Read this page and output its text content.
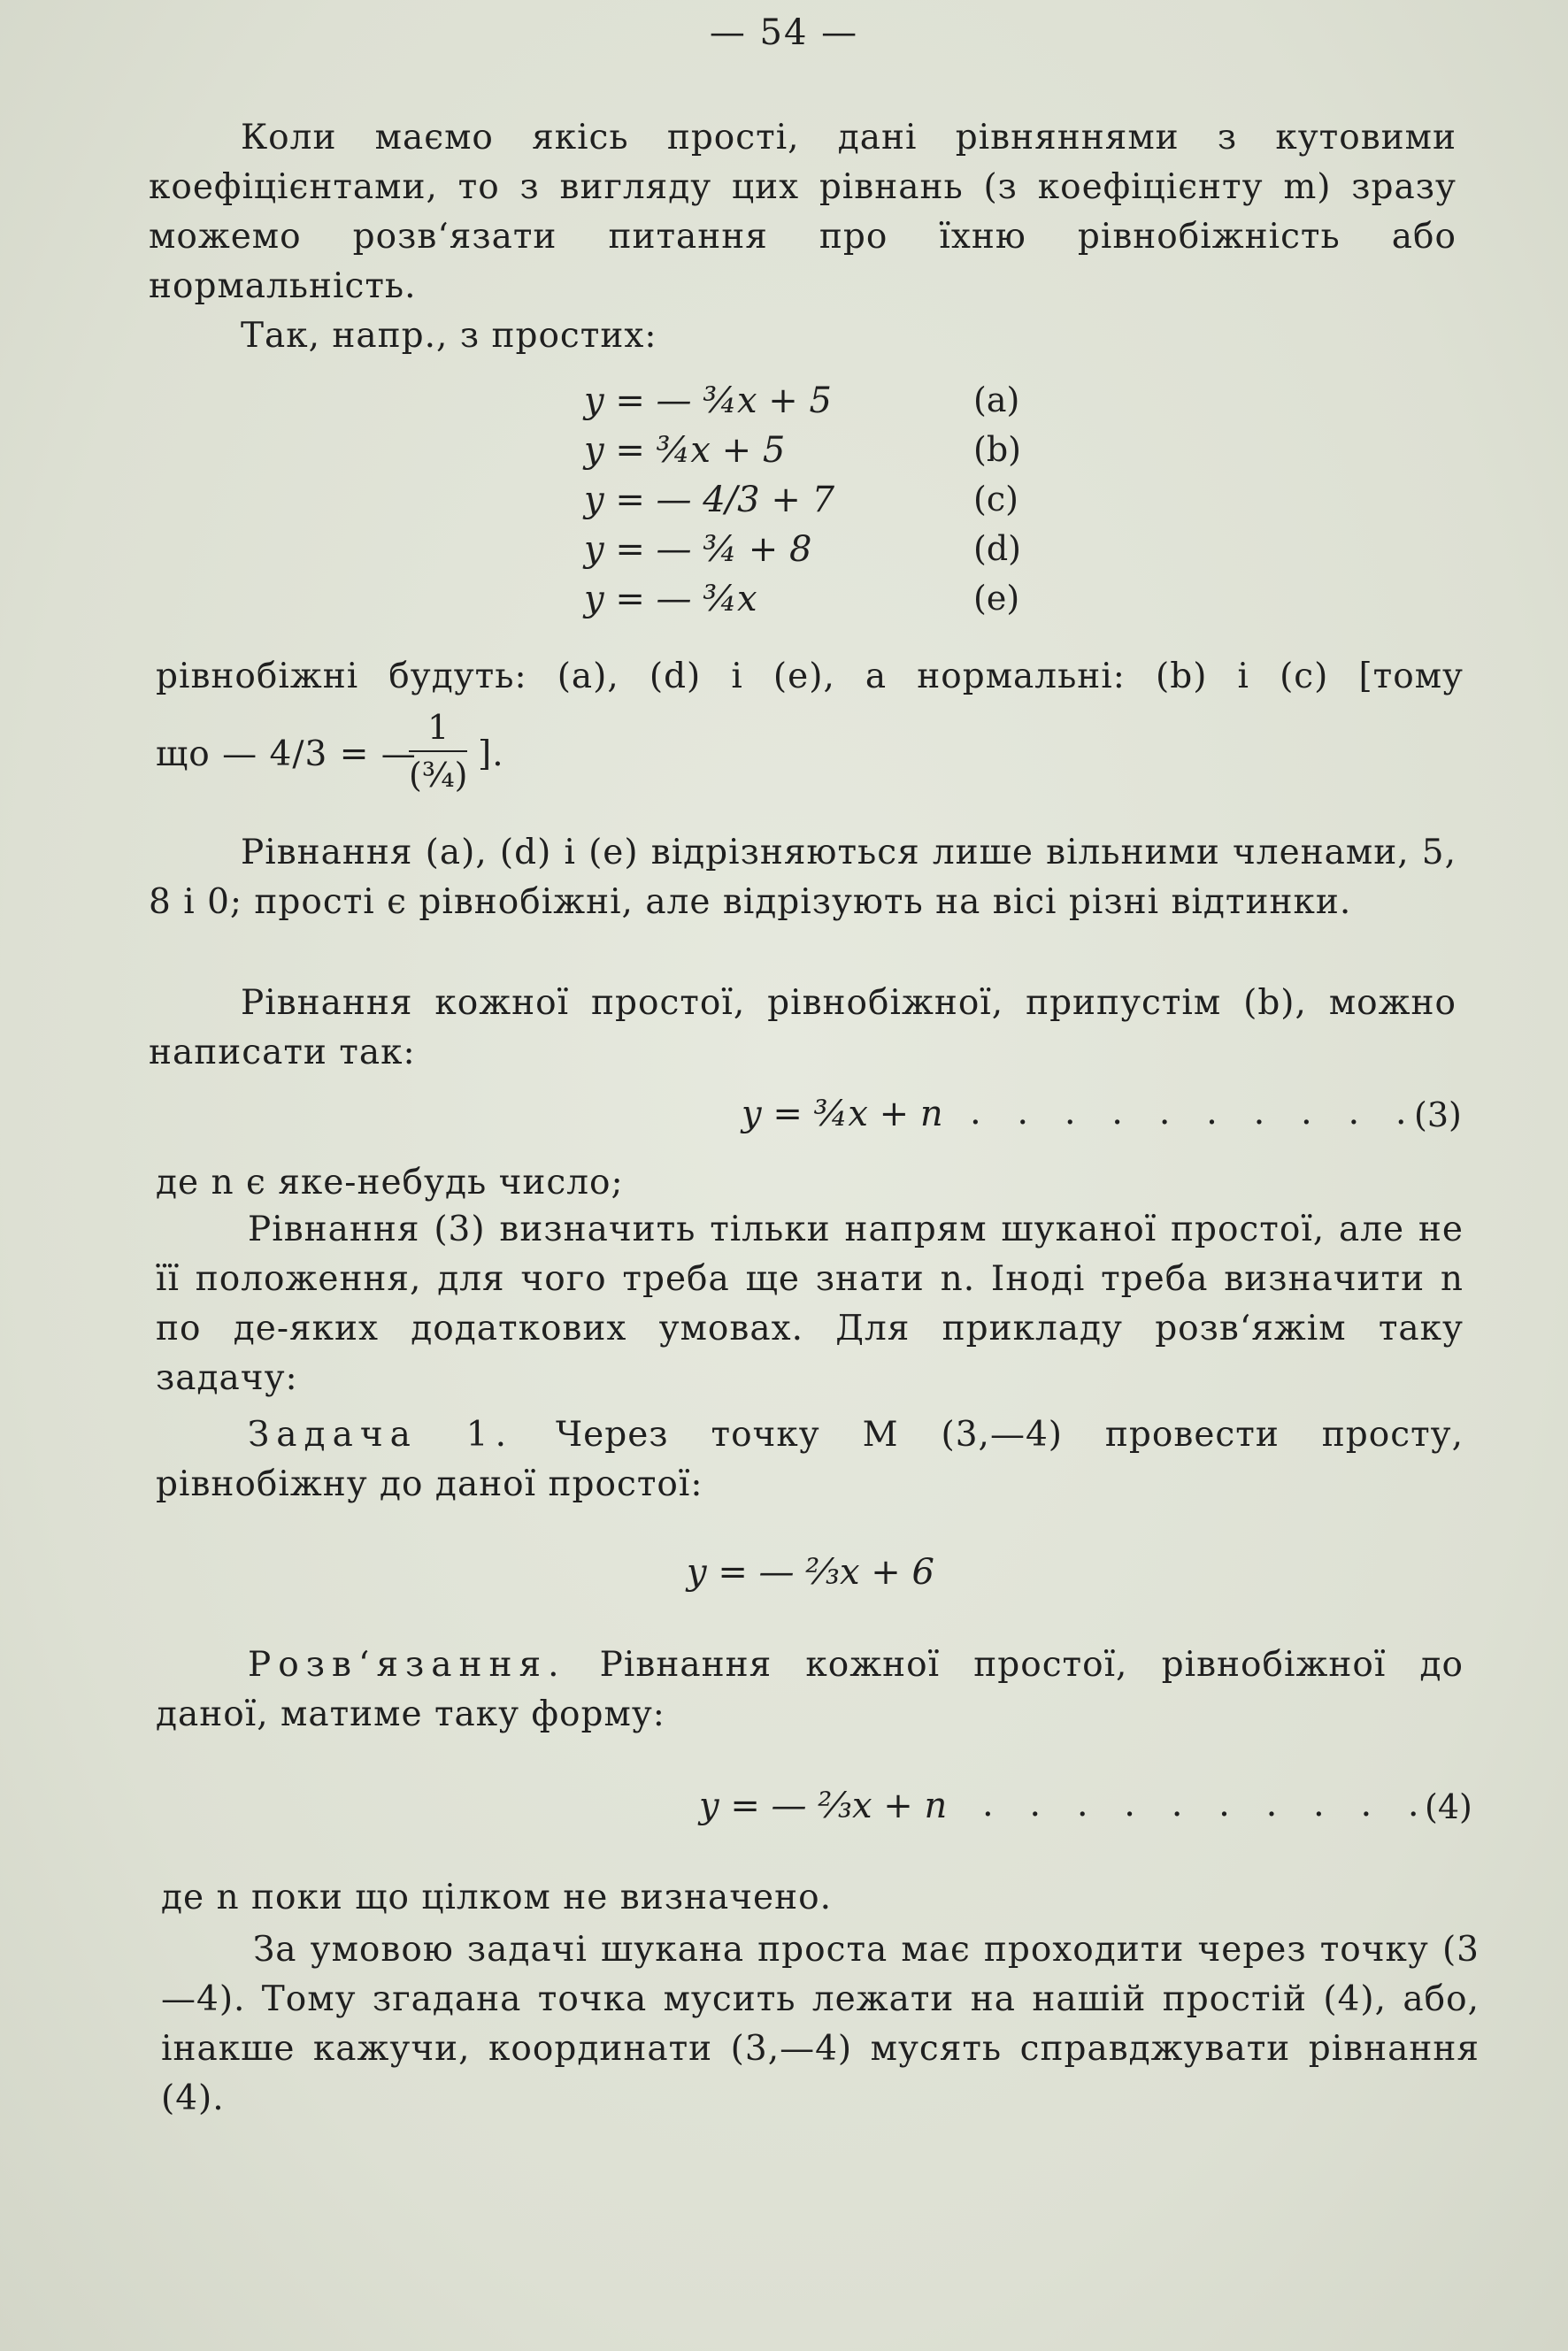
— 54 —
Коли маємо якісь прості, дані рівняннями з кутовими коефіцієнтами, то з вигляду цих рівнань (з коефіцієнту m) зразу можемо розв‘язати питання про їхню рівнобіжність або нормальність.
Так, напр., з простих:
y = — ¾x + 5	(a)
y = ¾x + 5	(b)
y = — 4/3 + 7	(c)
y = — ¾ + 8	(d)
y = — ¾x	(e)
рівнобіжні будуть: (a), (d) і (e), а нормальні: (b) і (c) [тому
що — 4/3 = —
1
(¾)
].
Рівнання (a), (d) і (e) відрізняються лише вільними членами, 5, 8 і 0; прості є рівнобіжні, але відрізують на вісі різні відтинки.
Рівнання кожної простої, рівнобіжної, припустім (b), можно написати так:
y = ¾x + n . . . . . . . . . .
(3)
де n є яке-небудь число;
Рівнання (3) визначить тільки напрям шуканої простої, але не її положення, для чого треба ще знати n. Іноді треба визначити n по де-яких додаткових умовах. Для прикладу розв‘яжім таку задачу:
Задача 1. Через точку M (3,—4) провести просту, рівнобіжну до даної простої:
y = — ⅔x + 6
Розв‘язання. Рівнання кожної простої, рівнобіжної до даної, матиме таку форму:
y = — ⅔x + n . . . . . . . . . .
(4)
де n поки що цілком не визначено.
За умовою задачі шукана проста має проходити через точку (3—4). Тому згадана точка мусить лежати на нашій простій (4), або, інакше кажучи, координати (3,—4) мусять справджувати рівнання (4).
